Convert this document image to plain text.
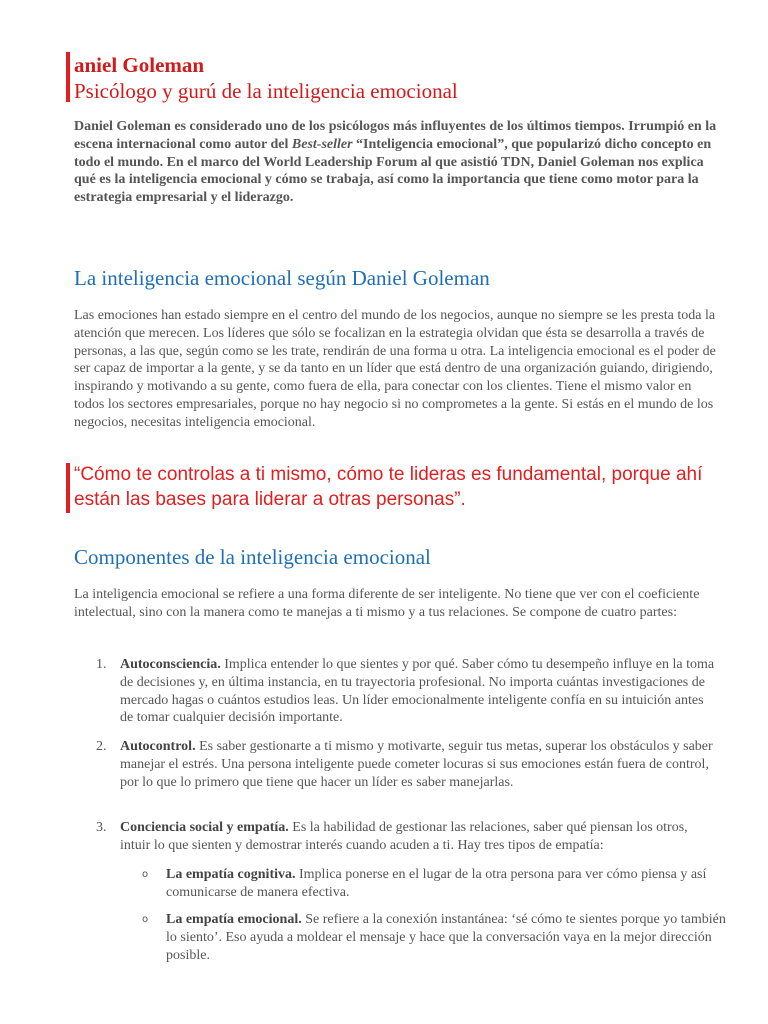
aniel Goleman
Psicólogo y gurú de la inteligencia emocional
Daniel Goleman es considerado uno de los psicólogos más influyentes de los últimos tiempos. Irrumpió en la escena internacional como autor del Best-seller “Inteligencia emocional”, que popularizó dicho concepto en todo el mundo. En el marco del World Leadership Forum al que asistió TDN, Daniel Goleman nos explica qué es la inteligencia emocional y cómo se trabaja, así como la importancia que tiene como motor para la estrategia empresarial y el liderazgo.
La inteligencia emocional según Daniel Goleman

Las emociones han estado siempre en el centro del mundo de los negocios, aunque no siempre se les presta toda la atención que merecen. Los líderes que sólo se focalizan en la estrategia olvidan que ésta se desarrolla a través de personas, a las que, según como se les trate, rendirán de una forma u otra. La inteligencia emocional es el poder de ser capaz de importar a la gente, y se da tanto en un líder que está dentro de una organización guiando, dirigiendo, inspirando y motivando a su gente, como fuera de ella, para conectar con los clientes. Tiene el mismo valor en todos los sectores empresariales, porque no hay negocio si no comprometes a la gente. Si estás en el mundo de los negocios, necesitas inteligencia emocional.

“Cómo te controlas a ti mismo, cómo te lideras es fundamental, porque ahí están las bases para liderar a otras personas”.
Componentes de la inteligencia emocional

La inteligencia emocional se refiere a una forma diferente de ser inteligente. No tiene que ver con el coeficiente intelectual, sino con la manera como te manejas a ti mismo y a tus relaciones. Se compone de cuatro partes:

1. Autoconsciencia. Implica entender lo que sientes y por qué. Saber cómo tu desempeño influye en la toma de decisiones y, en última instancia, en tu trayectoria profesional. No importa cuántas investigaciones de mercado hagas o cuántos estudios leas. Un líder emocionalmente inteligente confía en su intuición antes de tomar cualquier decisión importante.
2. Autocontrol. Es saber gestionarte a ti mismo y motivarte, seguir tus metas, superar los obstáculos y saber manejar el estrés. Una persona inteligente puede cometer locuras si sus emociones están fuera de control, por lo que lo primero que tiene que hacer un líder es saber manejarlas.
3. Conciencia social y empatía. Es la habilidad de gestionar las relaciones, saber qué piensan los otros, intuir lo que sienten y demostrar interés cuando acuden a ti. Hay tres tipos de empatía:
o La empatía cognitiva. Implica ponerse en el lugar de la otra persona para ver cómo piensa y así comunicarse de manera efectiva.
o La empatía emocional. Se refiere a la conexión instantánea: ‘sé cómo te sientes porque yo también lo siento’. Eso ayuda a moldear el mensaje y hace que la conversación vaya en la mejor dirección posible.
